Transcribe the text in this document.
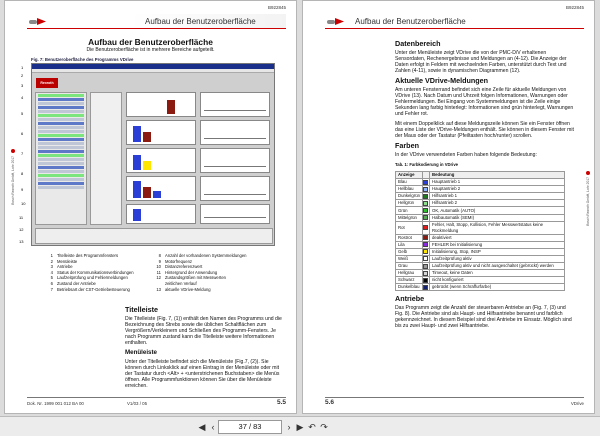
B922845
Aufbau der Benutzeroberfläche
Bosch Rexroth GmbH, Lohr 2017
Aufbau der Benutzeroberfläche
Die Benutzeroberfläche ist in mehrere Bereiche aufgeteilt.
Fig. 7: Benutzeroberfläche des Programms VDrive
Rexroth
1
2
3
4
5
6
7
8
9
10
11
12
13
1 Titelleiste des Programmfensters
2 Menüleiste
3 Antriebe
4 Status der Kommunikationsverbindungen
5 Laufzeitprüfung und Fehlermeldungen
6 Zustand der Antriebe
7 Betriebsart der CST-Getriebesteuerung
8 Anzahl der vorhandenen Systemmeldungen
9 Motorfrequenz
10 Distanzreferenzwert
11 Hintergrund der Anwendung
12 Zustandsgrößen mit Messwerten
zeitlichen Verlauf
13 aktuelle VDrive-Meldung
Titelleiste

Die Titelleiste (Fig. 7, (1)) enthält den Namen des Programms und die Bezeichnung des Strebs sowie die üblichen Schaltflächen zum Vergrößern/Verkleinern und Schließen des Programm-Fensters. Je nach Programm zustand kann die Titelleiste weitere Informationen enthalten.

Menüleiste

Unter der Titelleiste befindet sich die Menüleiste (Fig.7, (2)). Sie können durch Linksklick auf einen Eintrag in der Menüleiste oder mit der Tastatur durch <Alt> + <unterstrichenen Buchstaben> die Menüs öffnen. Alle Programmfunktionen können Sie über die Menüleiste erreichen.

Dok. Nr. 1999 001 012 BA 00	V1/03 / 05	5.5
B922845
Aufbau der Benutzeroberfläche
Bosch Rexroth GmbH, Lohr 2017
Datenbereich

Unter der Menüleiste zeigt VDrive die von der PMC-D/V erhaltenen Sensordaten, Rechenergebnisse und Meldungen an (4-12). Die Anzeige der Daten erfolgt in Feldern mit wechselnden Farben, unterstützt durch Text und Zahlen (4-11), sowie in dynamischen Diagrammen (12).

Aktuelle VDrive-Meldungen

Am unteren Fensterrand befindet sich eine Zeile für aktuelle Meldungen von VDrive (13). Nach Datum und Uhrzeit folgen Informationen, Warnungen oder Fehlermeldungen. Bei Eingang von Systemmeldungen ist die Zeile einige Sekunden lang farbig hinterlegt: Informationen sind grün hinterlegt, Warnungen und Fehler rot.

Mit einem Doppelklick auf diese Meldungszeile können Sie ein Fenster öffnen das eine Liste der VDrive-Meldungen enthält. Sie können in diesem Fenster mit der Maus oder der Tastatur (Pfeiltasten hoch/runter) scrollen.

Farben

In der VDrive verwendeten Farben haben folgende Bedeutung:

Tab. 1: Farbkodierung in VDrive
Anzeige		Bedeutung
Blau		Hauptantrieb 1
Hellblau		Hauptantrieb 2
Dunkelgrün		Hilfsantrieb 1
Hellgrün		Hilfsantrieb 2
Grün		OK, Automatik (AUTO)
Mittelgrün		Halbautomatik (SEMI)
Rot		Fehler, Halt, Stopp, Kollision, Fehler Messwertstatus keine Rückmeldung
Rostrot		deaktiviert
Lila		FEHLER bei Initialisierung
Gelb		Initialisierung, Stop, INSP
Weiß		Laufzeitprüfung aktiv
Grau		Laufzeitprüfung aktiv und nicht ausgeschaltet (gebrückt) werden
Hellgrau		Timeout, keine Daten
Schwarz		nicht konfiguriert
Dunkelblau		gebrückt (wenn Schraffurfarbe)
Antriebe

Das Programm zeigt die Anzahl der steuerbaren Antriebe an (Fig. 7, (3) und Fig. 8). Die Antriebe sind als Haupt- und Hilfsantriebe benannt und farblich gekennzeichnet. In diesem Beispiel sind drei Antriebe im Einsatz. Möglich sind bis zu zwei Haupt- und zwei Hilfsantriebe.

5.6	VDrive
◀ ‹	37 / 83	› ▶ ↶ ↷
